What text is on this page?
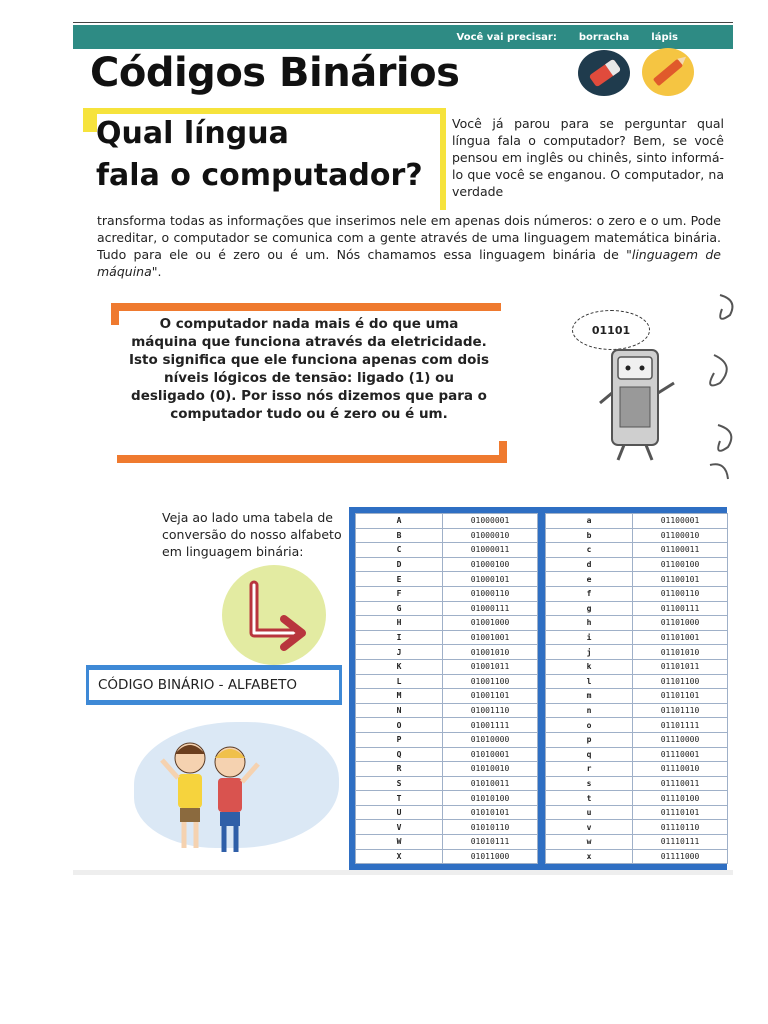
Você vai precisar: borracha lápis
Códigos Binários
Qual língua
fala o computador?

Você já parou para se perguntar qual língua fala o computador? Bem, se você pensou em inglês ou chinês, sinto informá-lo que você se enganou. O computador, na verdade

transforma todas as informações que inserimos nele em apenas dois números: o zero e o um. Pode acreditar, o computador se comunica com a gente através de uma linguagem matemática binária. Tudo para ele ou é zero ou é um. Nós chamamos essa linguagem binária de "linguagem de máquina".

O computador nada mais é do que uma máquina que funciona através da eletricidade. Isto significa que ele funciona apenas com dois níveis lógicos de tensão: ligado (1) ou desligado (0). Por isso nós dizemos que para o computador tudo ou é zero ou é um.

01101

Veja ao lado uma tabela de conversão do nosso alfabeto em linguagem binária:

CÓDIGO BINÁRIO - ALFABETO
A	01000001
B	01000010
C	01000011
D	01000100
E	01000101
F	01000110
G	01000111
H	01001000
I	01001001
J	01001010
K	01001011
L	01001100
M	01001101
N	01001110
O	01001111
P	01010000
Q	01010001
R	01010010
S	01010011
T	01010100
U	01010101
V	01010110
W	01010111
X	01011000
a	01100001
b	01100010
c	01100011
d	01100100
e	01100101
f	01100110
g	01100111
h	01101000
i	01101001
j	01101010
k	01101011
l	01101100
m	01101101
n	01101110
o	01101111
p	01110000
q	01110001
r	01110010
s	01110011
t	01110100
u	01110101
v	01110110
w	01110111
x	01111000
